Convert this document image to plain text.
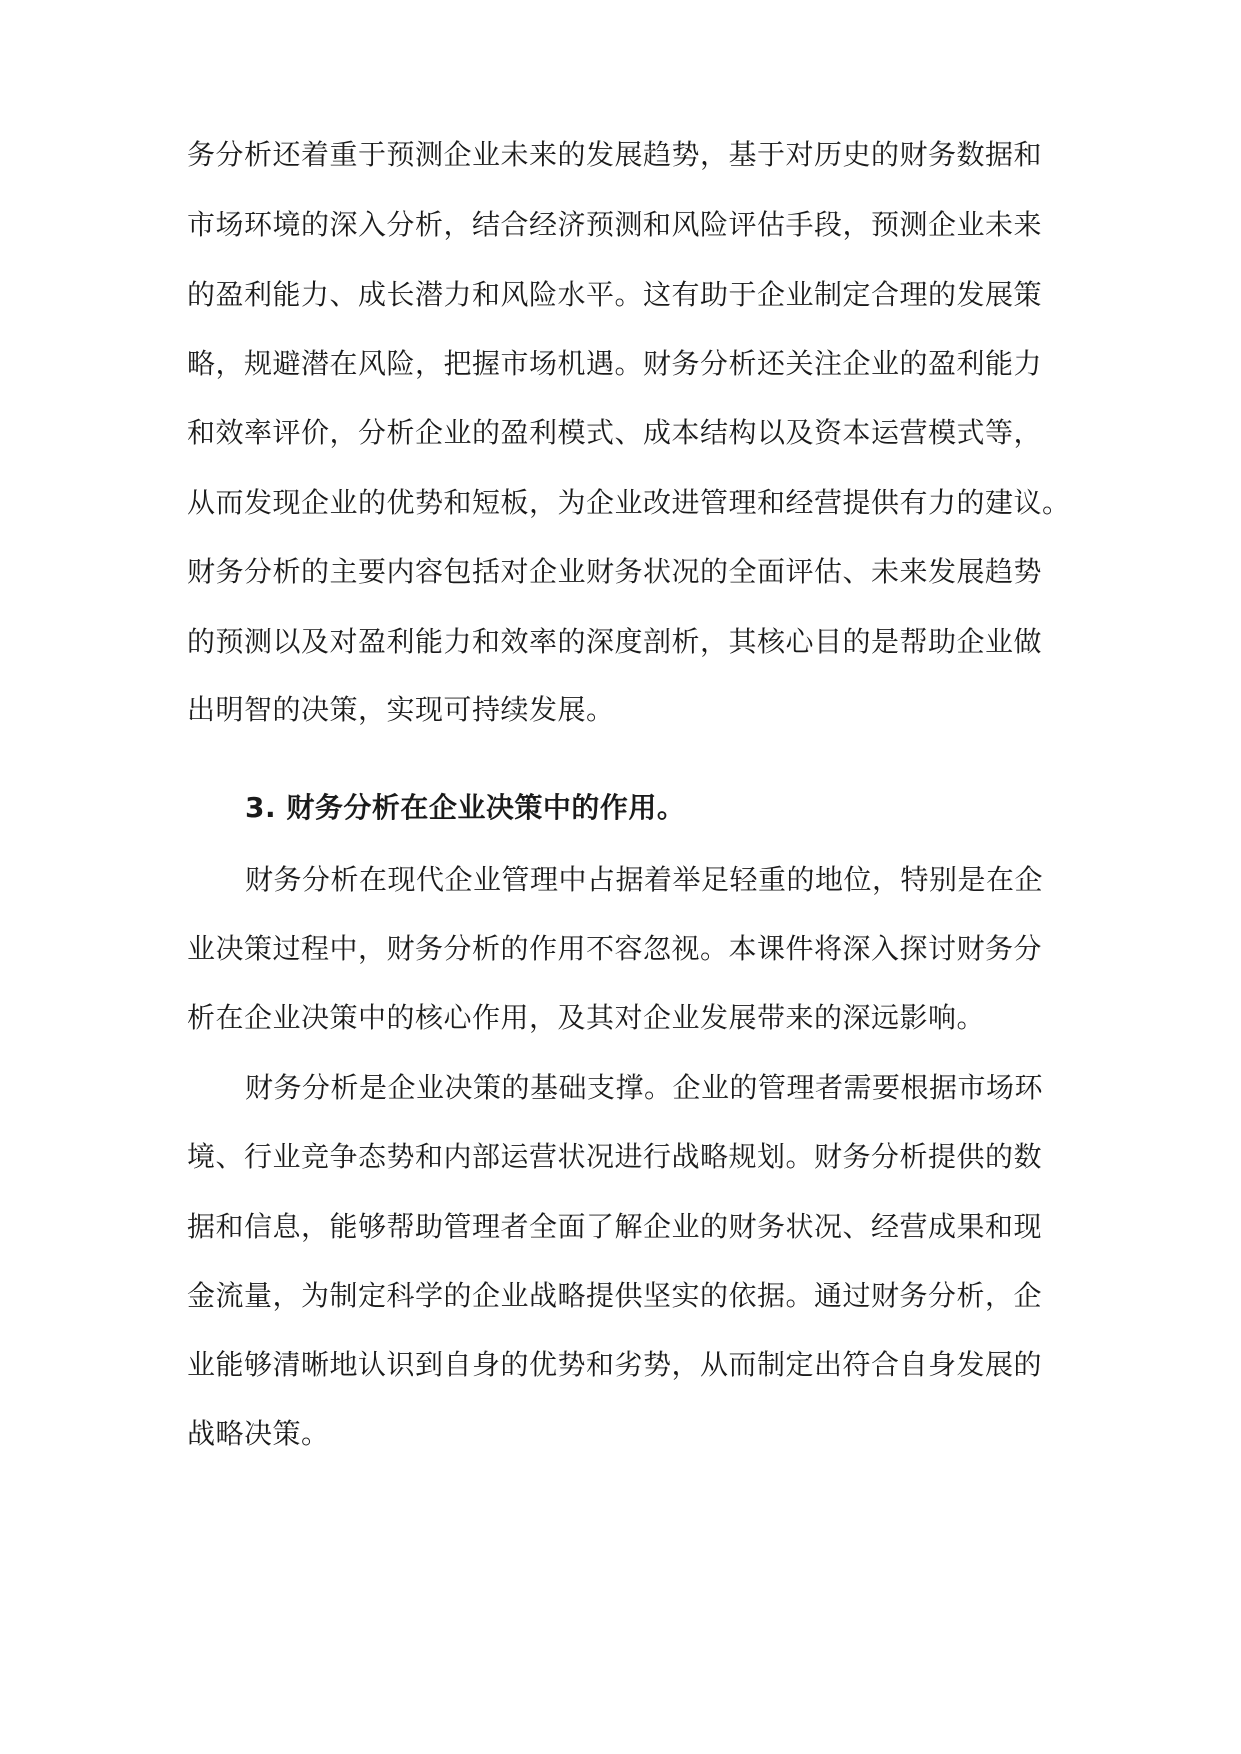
务分析还着重于预测企业未来的发展趋势，基于对历史的财务数据和
市场环境的深入分析，结合经济预测和风险评估手段，预测企业未来
的盈利能力、成长潜力和风险水平。这有助于企业制定合理的发展策
略，规避潜在风险，把握市场机遇。财务分析还关注企业的盈利能力
和效率评价，分析企业的盈利模式、成本结构以及资本运营模式等，
从而发现企业的优势和短板，为企业改进管理和经营提供有力的建议。
财务分析的主要内容包括对企业财务状况的全面评估、未来发展趋势
的预测以及对盈利能力和效率的深度剖析，其核心目的是帮助企业做
出明智的决策，实现可持续发展。
3. 财务分析在企业决策中的作用。
财务分析在现代企业管理中占据着举足轻重的地位，特别是在企
业决策过程中，财务分析的作用不容忽视。本课件将深入探讨财务分
析在企业决策中的核心作用，及其对企业发展带来的深远影响。
财务分析是企业决策的基础支撑。企业的管理者需要根据市场环
境、行业竞争态势和内部运营状况进行战略规划。财务分析提供的数
据和信息，能够帮助管理者全面了解企业的财务状况、经营成果和现
金流量，为制定科学的企业战略提供坚实的依据。通过财务分析，企
业能够清晰地认识到自身的优势和劣势，从而制定出符合自身发展的
战略决策。
